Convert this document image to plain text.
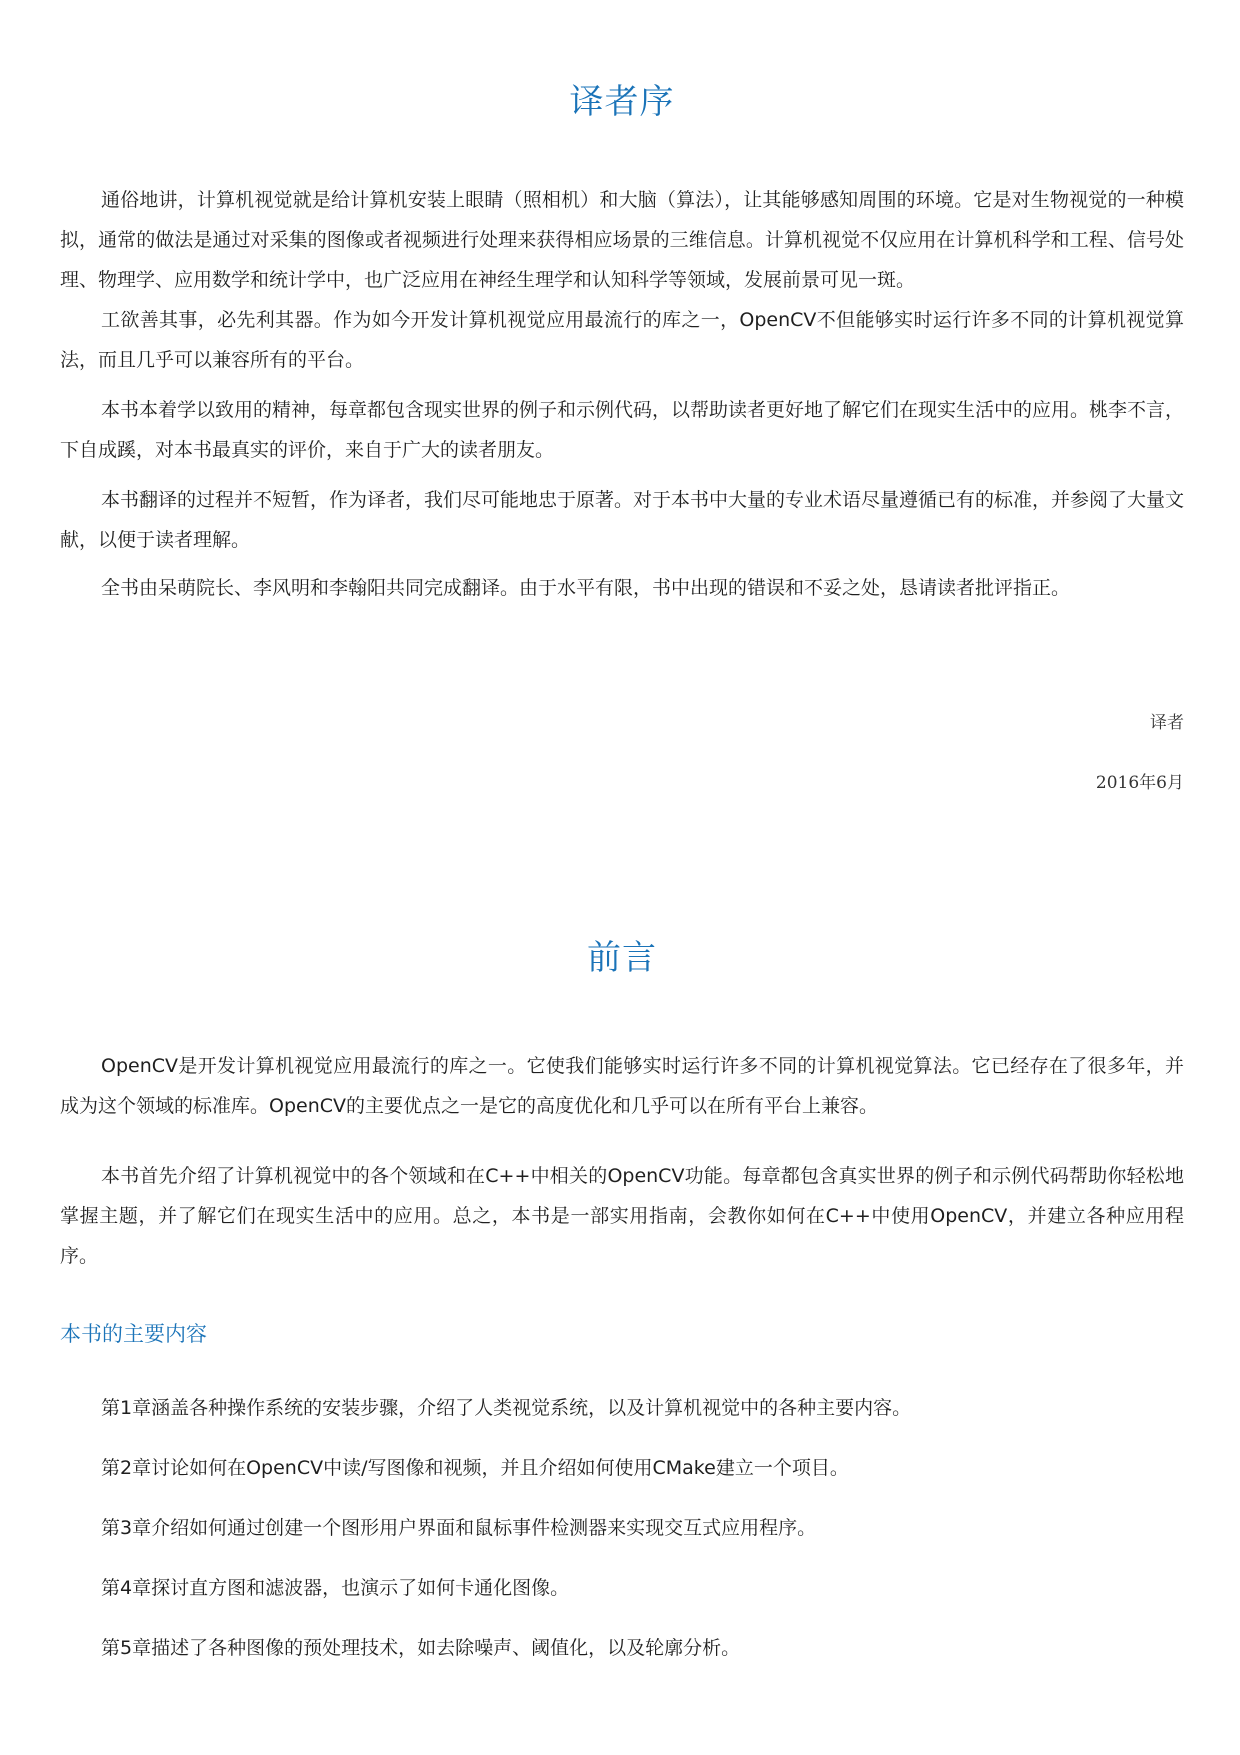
译者序

通俗地讲，计算机视觉就是给计算机安装上眼睛（照相机）和大脑（算法），让其能够感知周围的环境。它是对生物视觉的一种模拟，通常的做法是通过对采集的图像或者视频进行处理来获得相应场景的三维信息。计算机视觉不仅应用在计算机科学和工程、信号处理、物理学、应用数学和统计学中，也广泛应用在神经生理学和认知科学等领域，发展前景可见一斑。

工欲善其事，必先利其器。作为如今开发计算机视觉应用最流行的库之一，OpenCV不但能够实时运行许多不同的计算机视觉算法，而且几乎可以兼容所有的平台。

本书本着学以致用的精神，每章都包含现实世界的例子和示例代码，以帮助读者更好地了解它们在现实生活中的应用。桃李不言，下自成蹊，对本书最真实的评价，来自于广大的读者朋友。

本书翻译的过程并不短暂，作为译者，我们尽可能地忠于原著。对于本书中大量的专业术语尽量遵循已有的标准，并参阅了大量文献，以便于读者理解。

全书由呆萌院长、李风明和李翰阳共同完成翻译。由于水平有限，书中出现的错误和不妥之处，恳请读者批评指正。

译者
2016年6月
前言

OpenCV是开发计算机视觉应用最流行的库之一。它使我们能够实时运行许多不同的计算机视觉算法。它已经存在了很多年，并成为这个领域的标准库。OpenCV的主要优点之一是它的高度优化和几乎可以在所有平台上兼容。

本书首先介绍了计算机视觉中的各个领域和在C++中相关的OpenCV功能。每章都包含真实世界的例子和示例代码帮助你轻松地掌握主题，并了解它们在现实生活中的应用。总之，本书是一部实用指南，会教你如何在C++中使用OpenCV，并建立各种应用程序。

本书的主要内容

第1章涵盖各种操作系统的安装步骤，介绍了人类视觉系统，以及计算机视觉中的各种主要内容。

第2章讨论如何在OpenCV中读/写图像和视频，并且介绍如何使用CMake建立一个项目。

第3章介绍如何通过创建一个图形用户界面和鼠标事件检测器来实现交互式应用程序。

第4章探讨直方图和滤波器，也演示了如何卡通化图像。

第5章描述了各种图像的预处理技术，如去除噪声、阈值化，以及轮廓分析。
